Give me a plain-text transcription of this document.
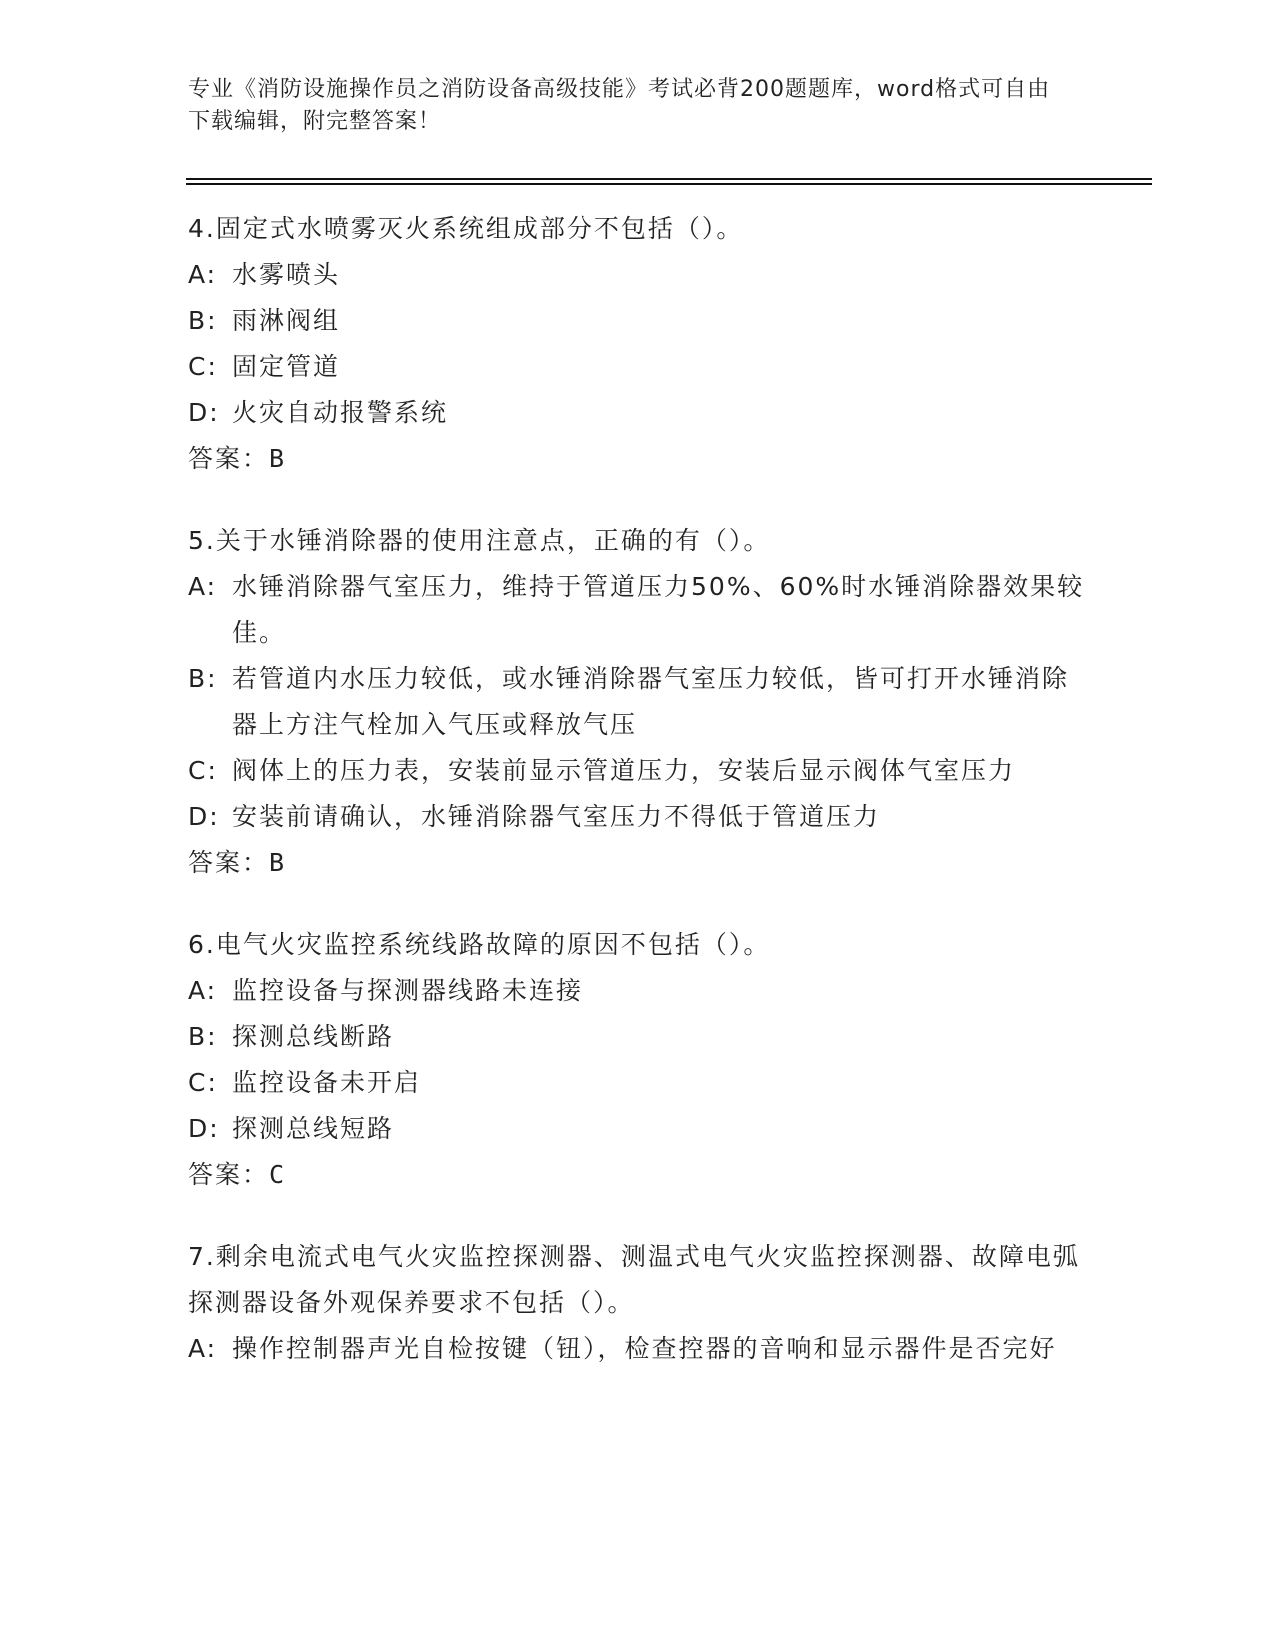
专业《消防设施操作员之消防设备高级技能》考试必背200题题库，word格式可自由下载编辑，附完整答案！
4.固定式水喷雾灭火系统组成部分不包括（）。
A: 水雾喷头
B: 雨淋阀组
C: 固定管道
D: 火灾自动报警系统
答案：B
5.关于水锤消除器的使用注意点，正确的有（）。
A: 水锤消除器气室压力，维持于管道压力50%、60%时水锤消除器效果较佳。
B: 若管道内水压力较低，或水锤消除器气室压力较低，皆可打开水锤消除器上方注气栓加入气压或释放气压
C: 阀体上的压力表，安装前显示管道压力，安装后显示阀体气室压力
D: 安装前请确认，水锤消除器气室压力不得低于管道压力
答案：B
6.电气火灾监控系统线路故障的原因不包括（）。
A: 监控设备与探测器线路未连接
B: 探测总线断路
C: 监控设备未开启
D: 探测总线短路
答案：C
7.剩余电流式电气火灾监控探测器、测温式电气火灾监控探测器、故障电弧探测器设备外观保养要求不包括（）。
A: 操作控制器声光自检按键（钮），检查控器的音响和显示器件是否完好
